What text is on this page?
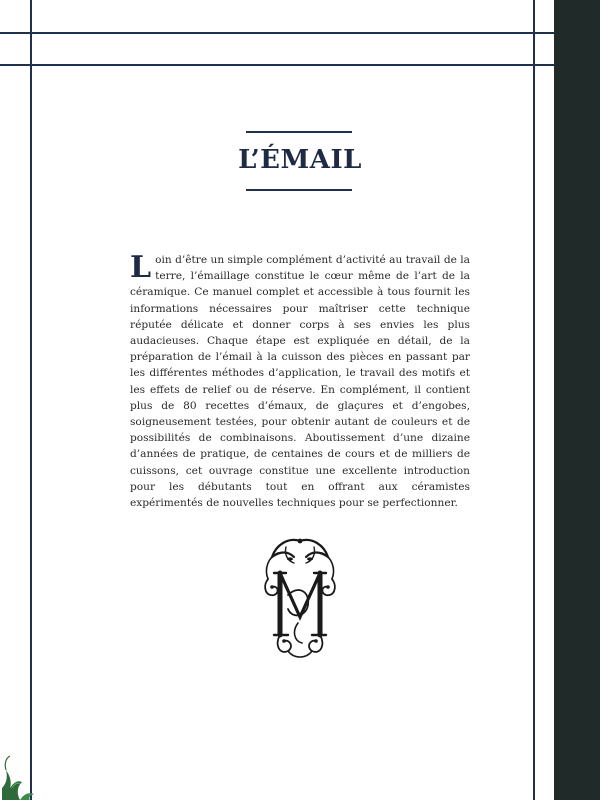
L’ÉMAIL
Loin d’être un simple complément d’activité au travail de la terre, l’émaillage constitue le cœur même de l’art de la céramique. Ce manuel complet et accessible à tous fournit les informations nécessaires pour maîtriser cette technique réputée délicate et donner corps à ses envies les plus audacieuses. Chaque étape est expliquée en détail, de la préparation de l’émail à la cuisson des pièces en passant par les différentes méthodes d’application, le travail des motifs et les effets de relief ou de réserve. En complément, il contient plus de 80 recettes d’émaux, de glaçures et d’engobes, soigneusement testées, pour obtenir autant de couleurs et de possibilités de combinaisons. Aboutissement d’une dizaine d’années de pratique, de centaines de cours et de milliers de cuissons, cet ouvrage constitue une excellente introduction pour les débutants tout en offrant aux céramistes expérimentés de nouvelles techniques pour se perfectionner.
